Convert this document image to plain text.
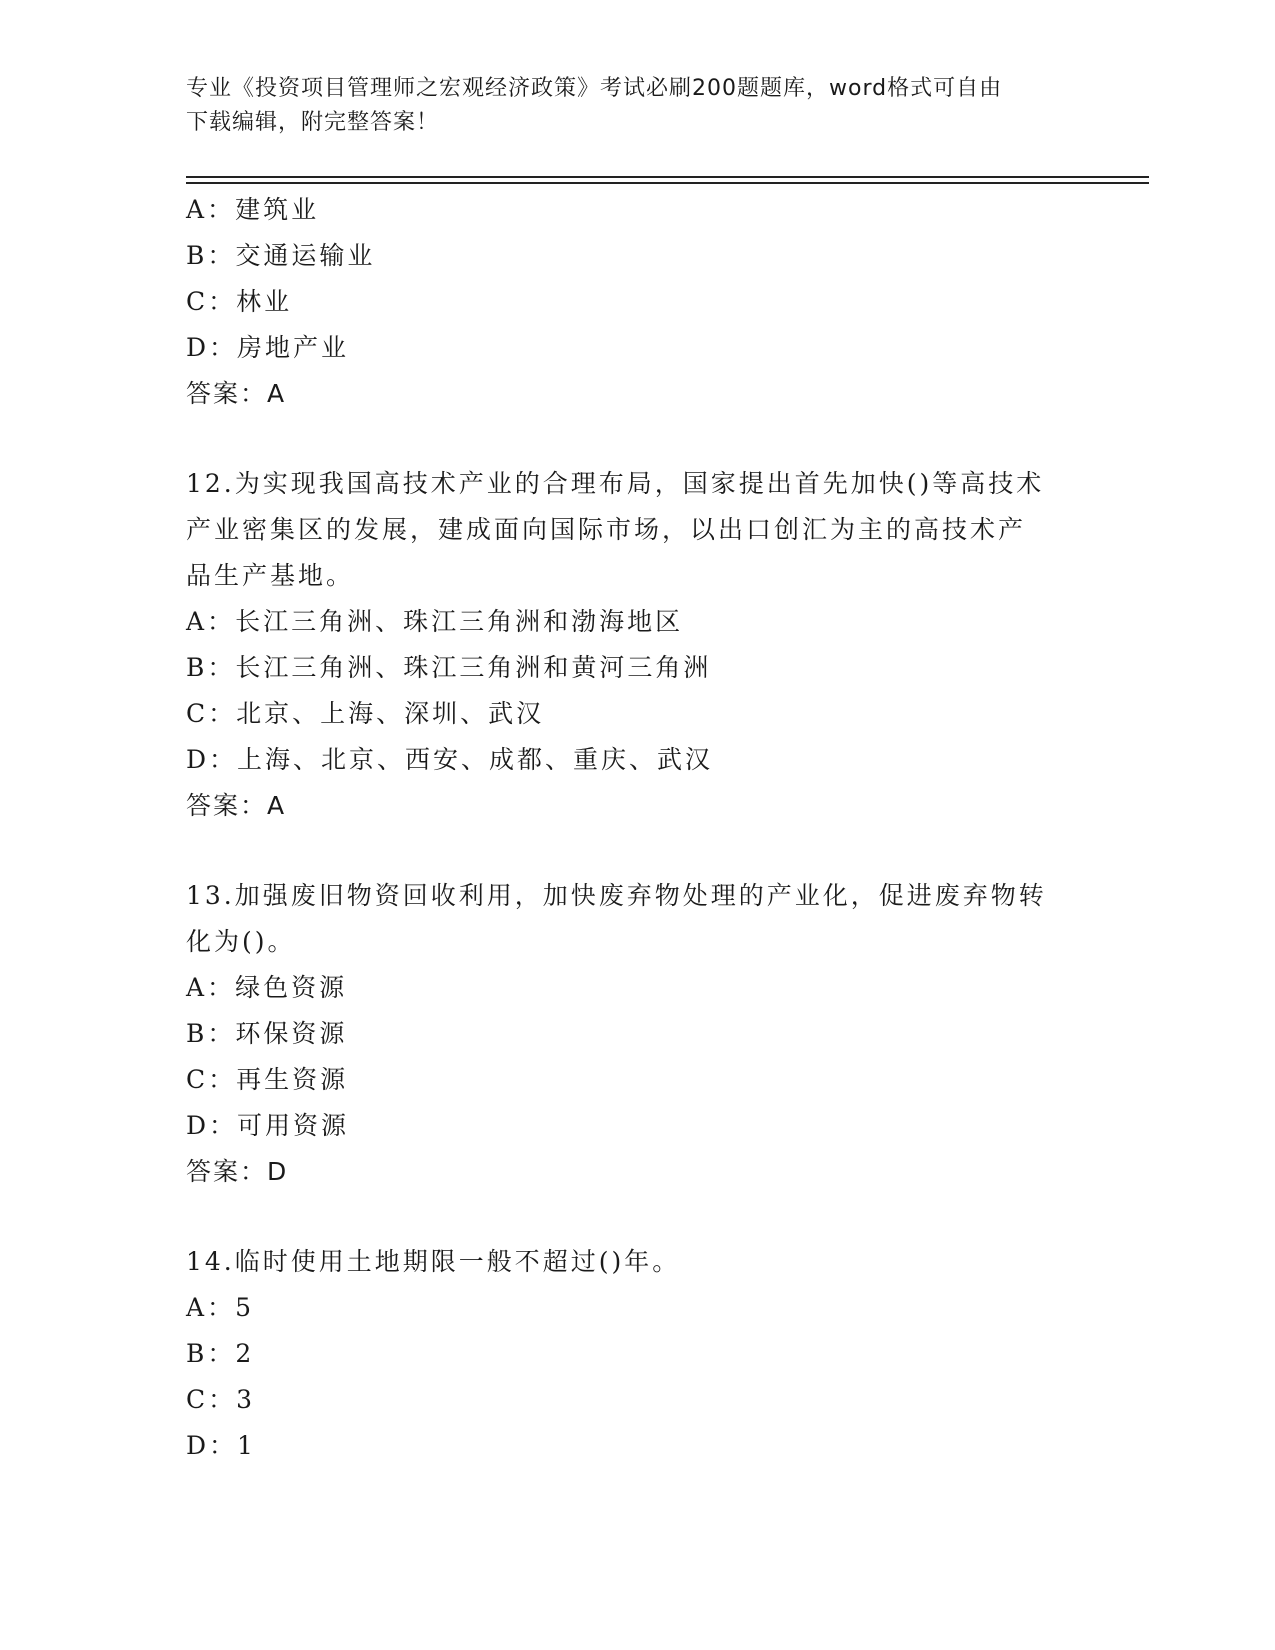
专业《投资项目管理师之宏观经济政策》考试必刷200题题库，word格式可自由
下载编辑，附完整答案！
A：建筑业
B：交通运输业
C：林业
D：房地产业
答案：A
12.为实现我国高技术产业的合理布局，国家提出首先加快()等高技术
产业密集区的发展，建成面向国际市场，以出口创汇为主的高技术产
品生产基地。
A：长江三角洲、珠江三角洲和渤海地区
B：长江三角洲、珠江三角洲和黄河三角洲
C：北京、上海、深圳、武汉
D：上海、北京、西安、成都、重庆、武汉
答案：A
13.加强废旧物资回收利用，加快废弃物处理的产业化，促进废弃物转
化为()。
A：绿色资源
B：环保资源
C：再生资源
D：可用资源
答案：D
14.临时使用土地期限一般不超过()年。
A：5
B：2
C：3
D：1
